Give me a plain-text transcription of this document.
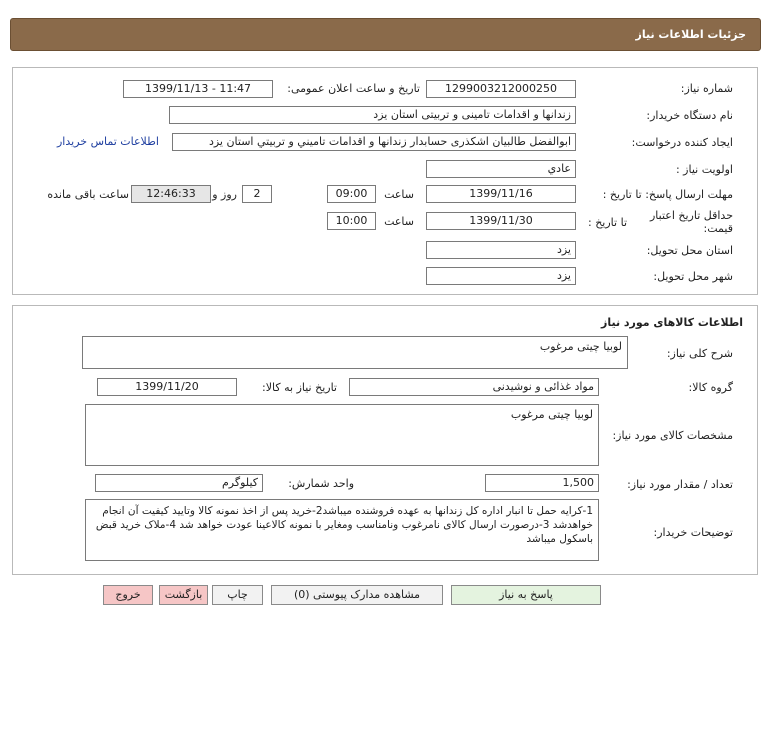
جزئیات اطلاعات نیاز
شماره نیاز:
1299003212000250
تاریخ و ساعت اعلان عمومی:
1399/11/13 - 11:47
نام دستگاه خریدار:
زندانها و اقدامات تامینی و تربیتی استان یزد
ایجاد کننده درخواست:
ابوالفضل طالبیان اشکذری حسابدار زندانها و اقدامات تامیني و تربيتي استان يزد
اطلاعات تماس خریدار
اولویت نیاز :
عادي
مهلت ارسال پاسخ: تا تاریخ :
1399/11/16
ساعت
09:00
2
روز و
12:46:33
ساعت باقی مانده
حداقل تاریخ اعتبار قیمت:
تا تاریخ :
1399/11/30
ساعت
10:00
استان محل تحویل:
یزد
شهر محل تحویل:
یزد
اطلاعات کالاهای مورد نیاز
شرح کلی نیاز:
لوبیا چیتی مرغوب
گروه کالا:
مواد غذائی و نوشیدنی
تاریخ نیاز به کالا:
1399/11/20
مشخصات کالای مورد نیاز:
لوبیا چیتی مرغوب
تعداد / مقدار مورد نیاز:
1,500
واحد شمارش:
کیلوگرم
توضیحات خریدار:
1-کرایه حمل تا انبار اداره کل زندانها به عهده فروشنده میباشد2-خرید پس از اخذ نمونه کالا وتایید کیفیت آن انجام خواهدشد 3-درصورت ارسال کالای نامرغوب ونامناسب ومغایر با نمونه کالاعینا عودت خواهد شد 4-ملاک خرید قبض باسکول میباشد
پاسخ به نیاز
مشاهده مدارک پیوستی (0)
چاپ
بازگشت
خروج
